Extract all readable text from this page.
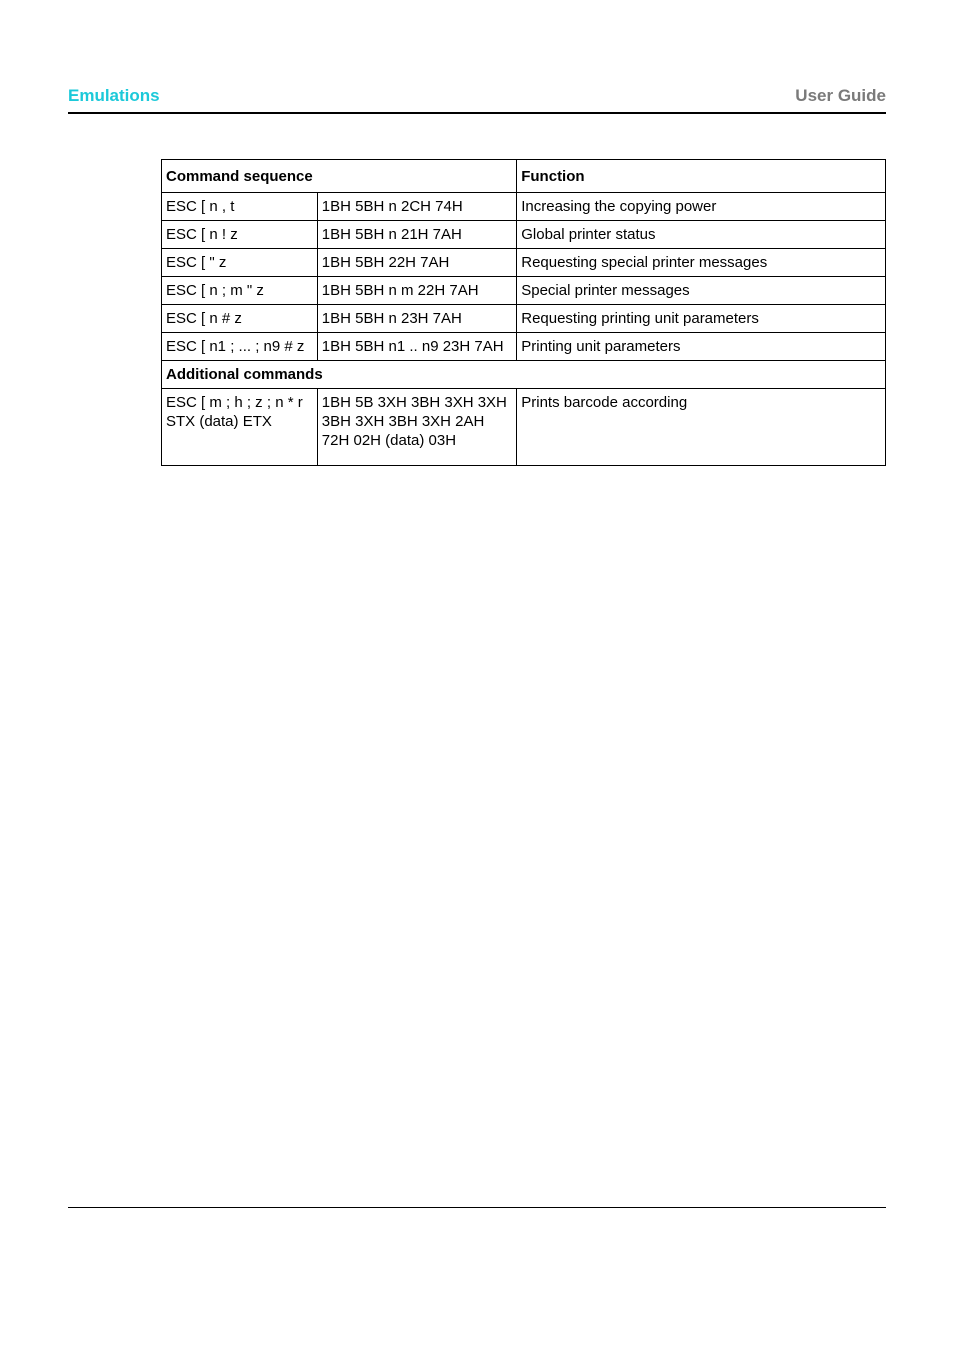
Emulations	User Guide
Command sequence		Function
ESC [ n , t	1BH 5BH n 2CH 74H	Increasing the copying power
ESC [ n ! z	1BH 5BH n 21H 7AH	Global printer status
ESC [ " z	1BH 5BH 22H 7AH	Requesting special printer messages
ESC [ n ; m " z	1BH 5BH n m 22H 7AH	Special printer messages
ESC [ n # z	1BH 5BH n 23H 7AH	Requesting printing unit parameters
ESC [ n1 ; ... ; n9 # z	1BH 5BH n1 .. n9 23H 7AH	Printing unit parameters
Additional commands		
ESC [ m ; h ; z ; n * r STX (data) ETX	1BH 5B 3XH 3BH 3XH 3XH 3BH 3XH 3BH 3XH 2AH 72H 02H (data) 03H	Prints barcode according
